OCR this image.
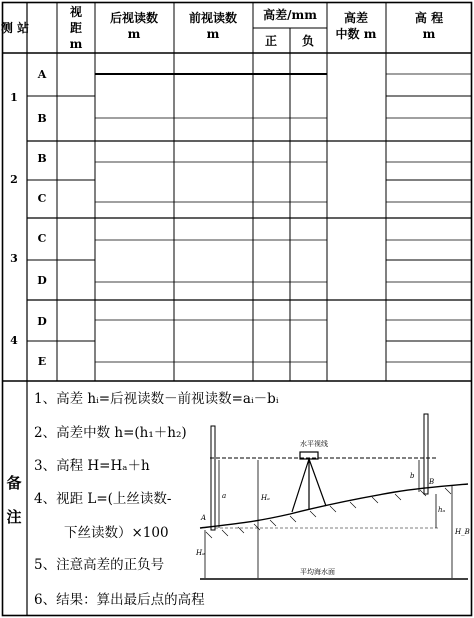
测 站
视
距
m
后视读数
m
前视读数
m
高差/mm
正 负
高差
中数 m
高 程
m
1
2
3
4
A
B
B
C
C
D
D
E
备
注
1、高差 hᵢ=后视读数－前视读数=aᵢ－bᵢ
2、高差中数 h=(h₁＋h₂)
3、高程 H=Hₐ＋h
4、视距 L=(上丝读数-
下丝读数）×100
5、注意高差的正负号
6、结果：算出最后点的高程
水平视线
平均海水面
a
b
A
B
Hₐ
H_B
Hₐ
hₐ
